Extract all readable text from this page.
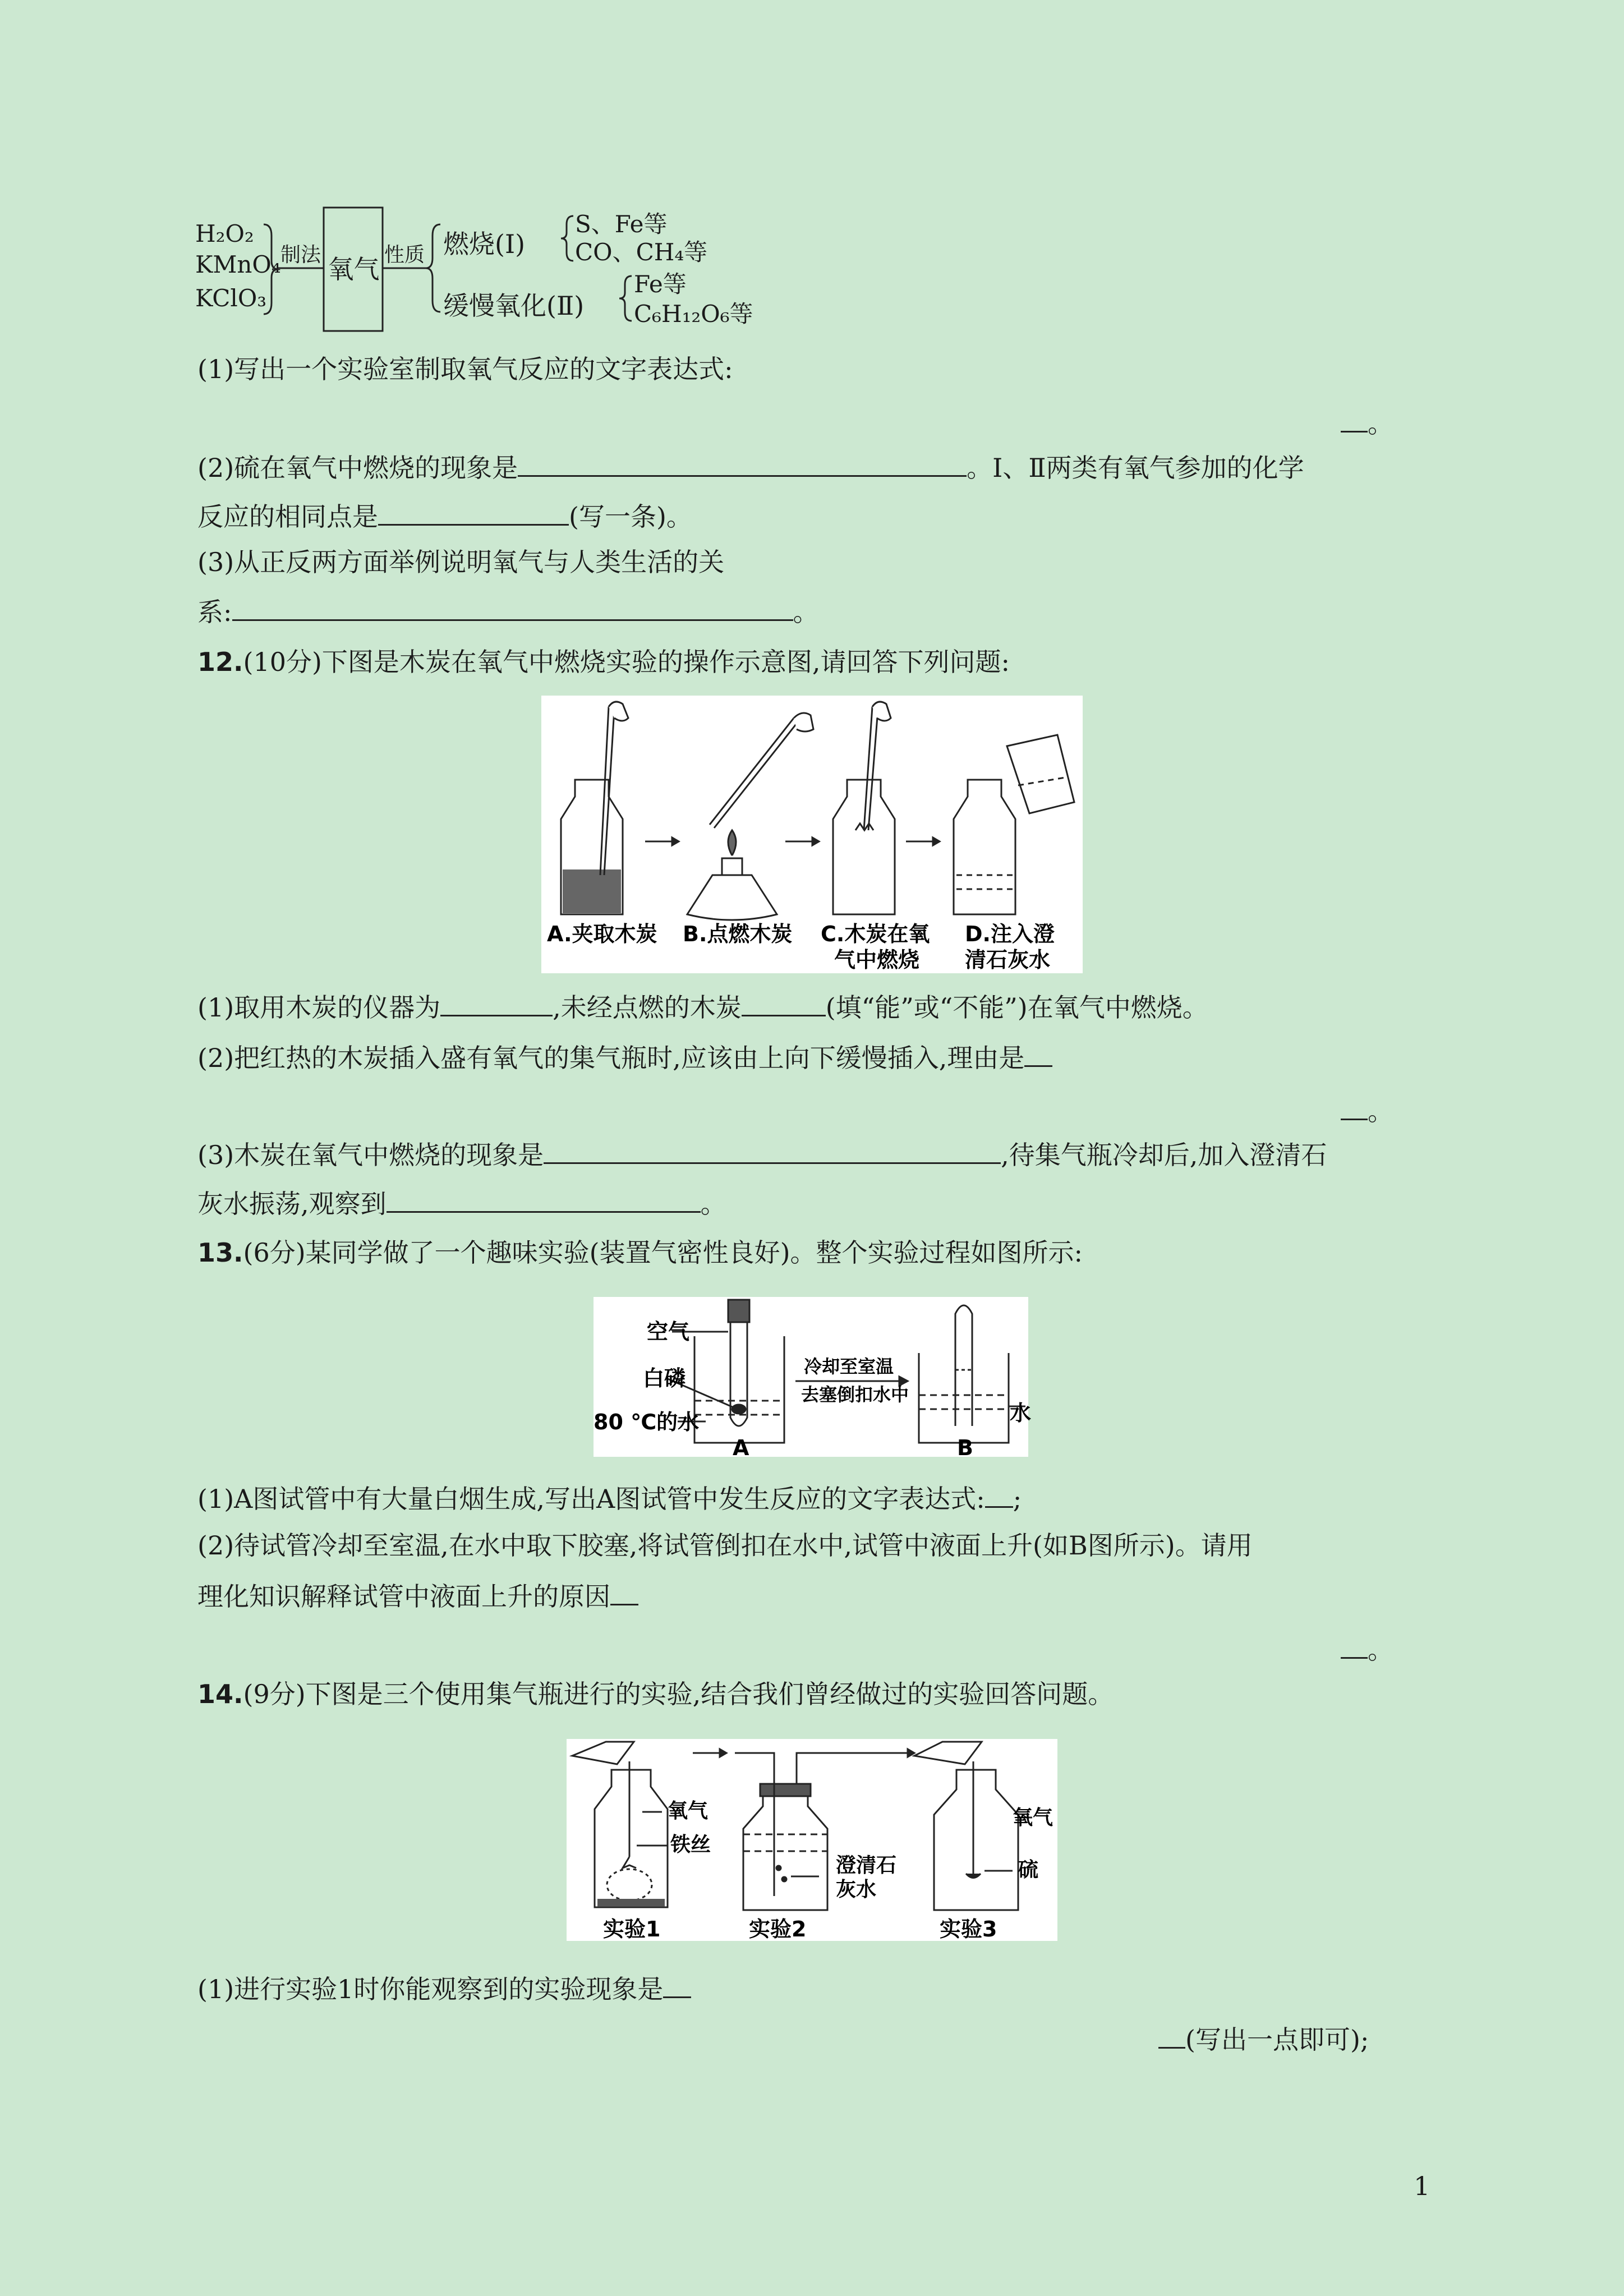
H₂O₂
KMnO₄
KClO₃
制法 氧气 性质 燃烧(Ⅰ)
S、Fe等
CO、CH₄等
缓慢氧化(Ⅱ)
Fe等
C₆H₁₂O₆等
(1)写出一个实验室制取氧气反应的文字表达式:
。
(2)硫在氧气中燃烧的现象是	。Ⅰ、Ⅱ两类有氧气参加的化学
反应的相同点是	(写一条)。
(3)从正反两方面举例说明氧气与人类生活的关
系:	。
12.(10分)下图是木炭在氧气中燃烧实验的操作示意图,请回答下列问题:
A.夹取木炭 B.点燃木炭 C.木炭在氧
气中燃烧
D.注入澄
清石灰水
(1)取用木炭的仪器为	,未经点燃的木炭	(填“能”或“不能”)在氧气中燃烧。
(2)把红热的木炭插入盛有氧气的集气瓶时,应该由上向下缓慢插入,理由是
。
(3)木炭在氧气中燃烧的现象是	,待集气瓶冷却后,加入澄清石
灰水振荡,观察到	。
13.(6分)某同学做了一个趣味实验(装置气密性良好)。整个实验过程如图所示:
空气
白磷
80 ℃的水
冷却至室温
去塞倒扣水中
水
A	B
(1)A图试管中有大量白烟生成,写出A图试管中发生反应的文字表达式: ;
(2)待试管冷却至室温,在水中取下胶塞,将试管倒扣在水中,试管中液面上升(如B图所示)。请用
理化知识解释试管中液面上升的原因
。
14.(9分)下图是三个使用集气瓶进行的实验,结合我们曾经做过的实验回答问题。
氧气
铁丝
澄清石
灰水
氧气
硫
实验1	实验2	实验3
(1)进行实验1时你能观察到的实验现象是
(写出一点即可);
1
